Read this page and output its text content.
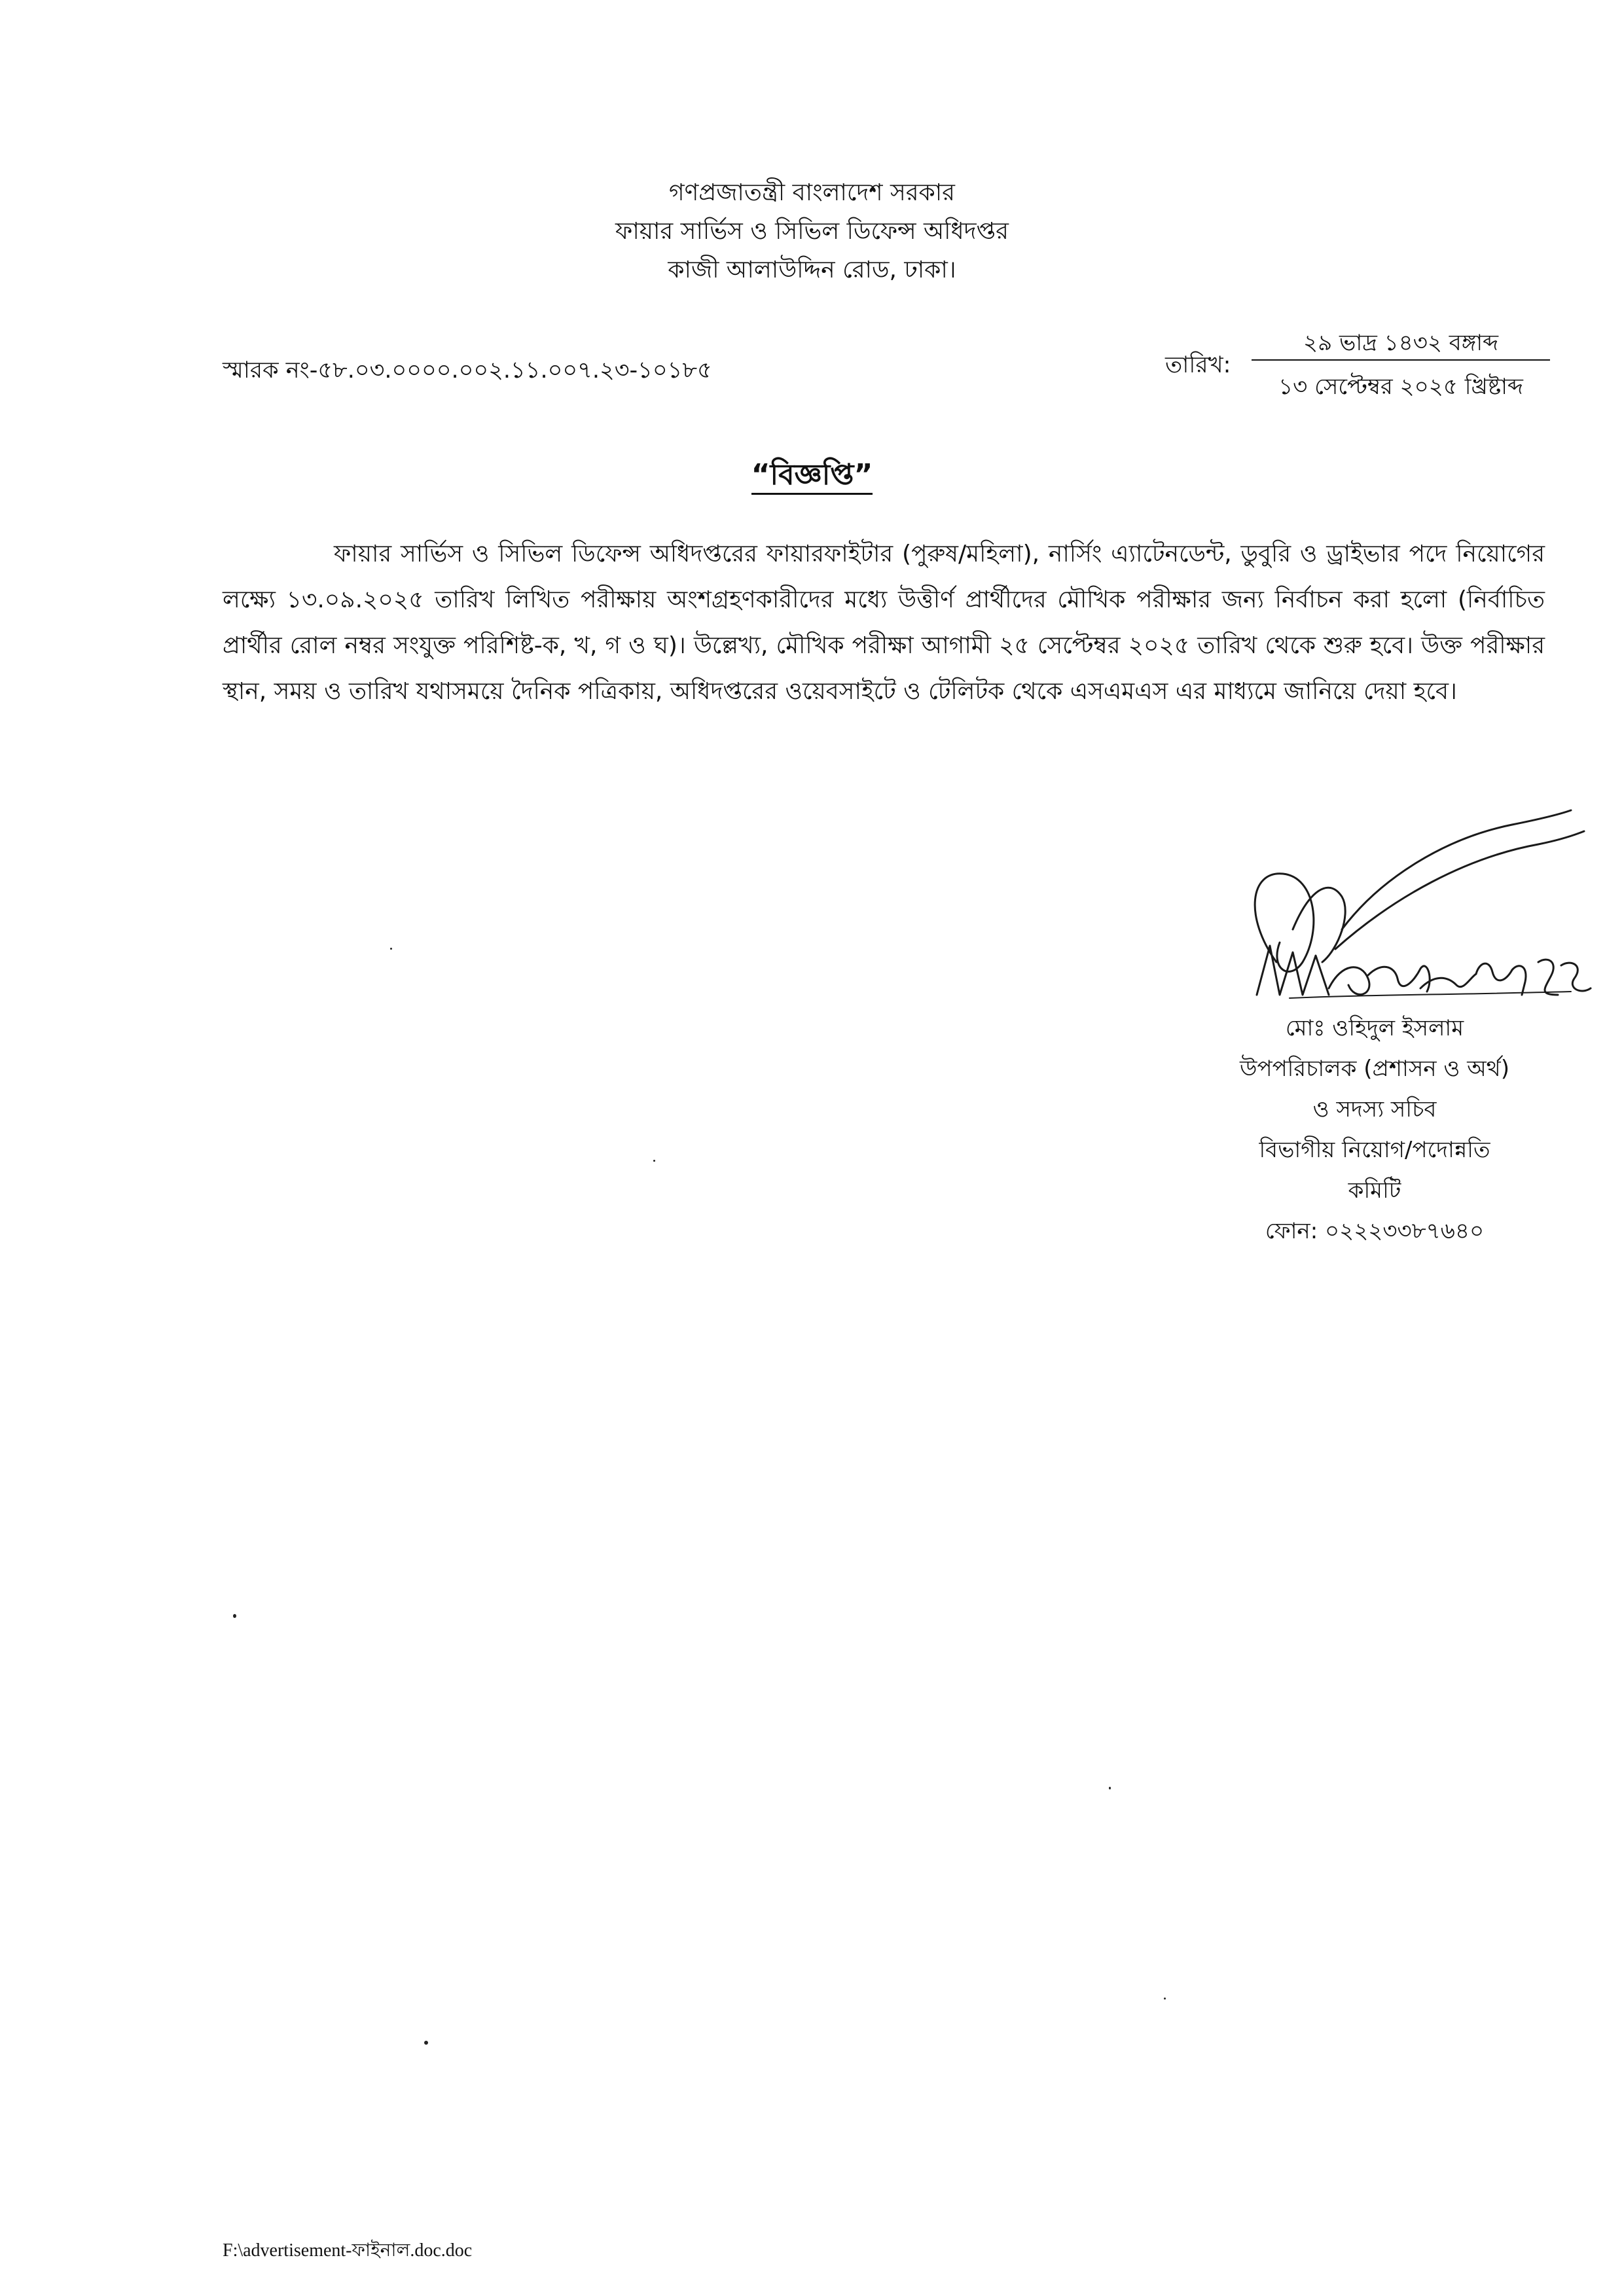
গণপ্রজাতন্ত্রী বাংলাদেশ সরকার
ফায়ার সার্ভিস ও সিভিল ডিফেন্স অধিদপ্তর
কাজী আলাউদ্দিন রোড, ঢাকা।
স্মারক নং-৫৮.০৩.০০০০.০০২.১১.০০৭.২৩-১০১৮৫	তারিখ:
২৯ ভাদ্র ১৪৩২ বঙ্গাব্দ
১৩ সেপ্টেম্বর ২০২৫ খ্রিষ্টাব্দ
“বিজ্ঞপ্তি”
ফায়ার সার্ভিস ও সিভিল ডিফেন্স অধিদপ্তরের ফায়ারফাইটার (পুরুষ/মহিলা), নার্সিং এ্যাটেনডেন্ট, ডুবুরি ও ড্রাইভার পদে নিয়োগের লক্ষ্যে ১৩.০৯.২০২৫ তারিখ লিখিত পরীক্ষায় অংশগ্রহণকারীদের মধ্যে উত্তীর্ণ প্রার্থীদের মৌখিক পরীক্ষার জন্য নির্বাচন করা হলো (নির্বাচিত প্রার্থীর রোল নম্বর সংযুক্ত পরিশিষ্ট-ক, খ, গ ও ঘ)। উল্লেখ্য, মৌখিক পরীক্ষা আগামী ২৫ সেপ্টেম্বর ২০২৫ তারিখ থেকে শুরু হবে। উক্ত পরীক্ষার স্থান, সময় ও তারিখ যথাসময়ে দৈনিক পত্রিকায়, অধিদপ্তরের ওয়েবসাইটে ও টেলিটক থেকে এসএমএস এর মাধ্যমে জানিয়ে দেয়া হবে।
মোঃ ওহিদুল ইসলাম
উপপরিচালক (প্রশাসন ও অর্থ)
ও সদস্য সচিব
বিভাগীয় নিয়োগ/পদোন্নতি
কমিটি
ফোন: ০২২২৩৩৮৭৬৪০
F:\advertisement-ফাইনাল.doc.doc
